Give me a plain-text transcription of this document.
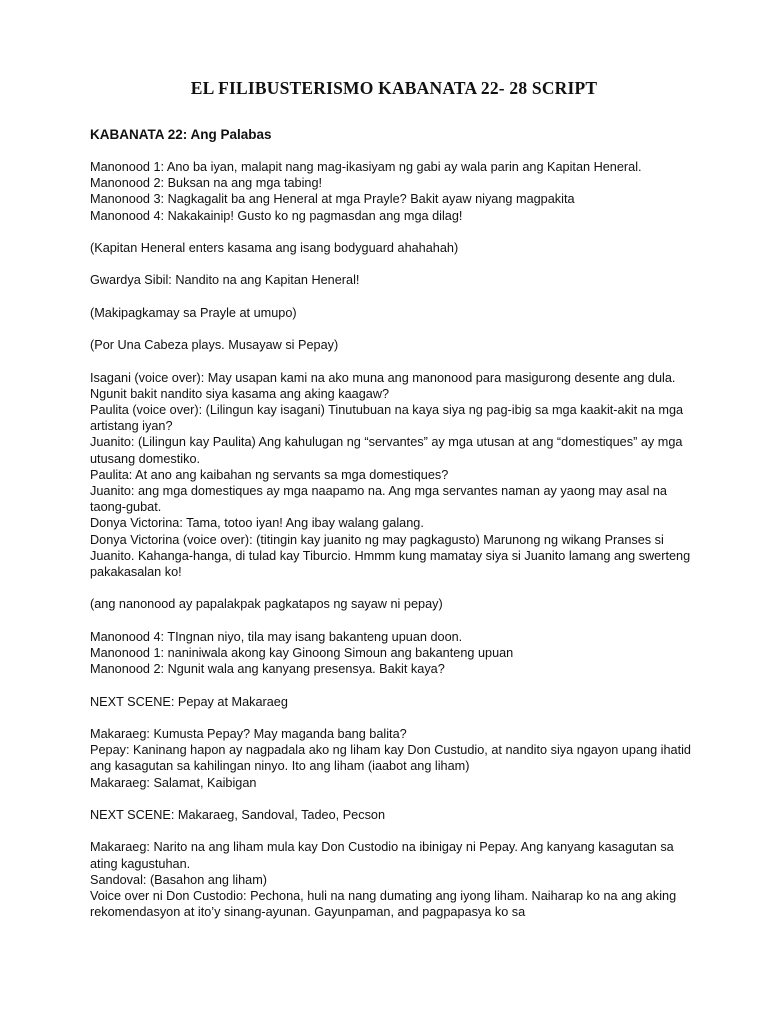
EL FILIBUSTERISMO KABANATA 22- 28 SCRIPT
KABANATA 22: Ang Palabas
Manonood 1: Ano ba iyan, malapit nang mag-ikasiyam ng gabi ay wala parin ang Kapitan Heneral.
Manonood 2: Buksan na ang mga tabing!
Manonood 3: Nagkagalit ba ang Heneral at mga Prayle? Bakit ayaw niyang magpakita
Manonood 4: Nakakainip! Gusto ko ng pagmasdan ang mga dilag!
(Kapitan Heneral enters kasama ang isang bodyguard ahahahah)
Gwardya Sibil: Nandito na ang Kapitan Heneral!
(Makipagkamay sa Prayle at umupo)
(Por Una Cabeza plays. Musayaw si Pepay)
Isagani (voice over): May usapan kami na ako muna ang manonood para masigurong desente ang dula. Ngunit bakit nandito siya kasama ang aking kaagaw?
Paulita (voice over): (Lilingun kay isagani) Tinutubuan na kaya siya ng pag-ibig sa mga kaakit-akit na mga artistang iyan?
Juanito: (Lilingun kay Paulita) Ang kahulugan ng “servantes” ay mga utusan at ang “domestiques” ay mga utusang domestiko.
Paulita: At ano ang kaibahan ng servants sa mga domestiques?
Juanito: ang mga domestiques ay mga naapamo na. Ang mga servantes naman ay yaong may asal na taong-gubat.
Donya Victorina: Tama, totoo iyan! Ang ibay walang galang.
Donya Victorina (voice over): (titingin kay juanito ng may pagkagusto) Marunong ng wikang Pranses si Juanito. Kahanga-hanga, di tulad kay Tiburcio. Hmmm kung mamatay siya si Juanito lamang ang swerteng pakakasalan ko!
(ang nanonood ay papalakpak pagkatapos ng sayaw ni pepay)
Manonood 4: TIngnan niyo, tila may isang bakanteng upuan doon.
Manonood 1: naniniwala akong kay Ginoong Simoun ang bakanteng upuan
Manonood 2: Ngunit wala ang kanyang presensya. Bakit kaya?
NEXT SCENE: Pepay at Makaraeg
Makaraeg: Kumusta Pepay? May maganda bang balita?
Pepay: Kaninang hapon ay nagpadala ako ng liham kay Don Custudio, at nandito siya ngayon upang ihatid ang kasagutan sa kahilingan ninyo. Ito ang liham (iaabot ang liham)
Makaraeg: Salamat, Kaibigan
NEXT SCENE: Makaraeg, Sandoval, Tadeo, Pecson
Makaraeg: Narito na ang liham mula kay Don Custodio na ibinigay ni Pepay. Ang kanyang kasagutan sa ating kagustuhan.
Sandoval: (Basahon ang liham)
Voice over ni Don Custodio: Pechona, huli na nang dumating ang iyong liham. Naiharap ko na ang aking rekomendasyon at ito’y sinang-ayunan. Gayunpaman, and pagpapasya ko sa
